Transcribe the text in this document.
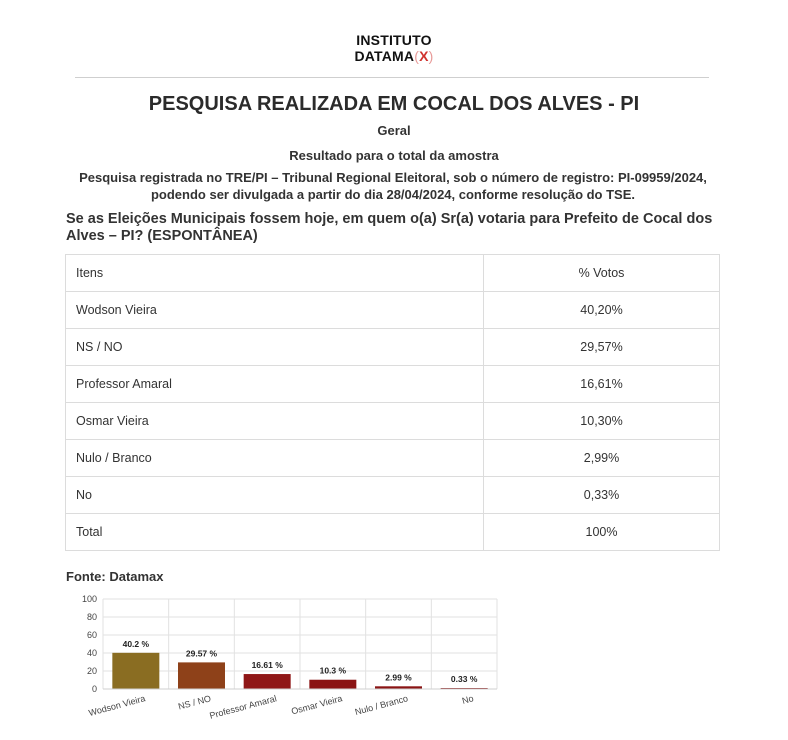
INSTITUTO
DATAMA(X)
PESQUISA REALIZADA EM COCAL DOS ALVES - PI
Geral
Resultado para o total da amostra
Pesquisa registrada no TRE/PI – Tribunal Regional Eleitoral, sob o número de registro: PI-09959/2024, podendo ser divulgada a partir do dia 28/04/2024, conforme resolução do TSE.
Se as Eleições Municipais fossem hoje, em quem o(a) Sr(a) votaria para Prefeito de Cocal dos Alves – PI? (ESPONTÂNEA)
Itens	% Votos
Wodson Vieira	40,20%
NS / NO	29,57%
Professor Amaral	16,61%
Osmar Vieira	10,30%
Nulo / Branco	2,99%
No	0,33%
Total	100%
Fonte: Datamax
0
20
40
60
80
100
40.2 %
Wodson Vieira
29.57 %
NS / NO
16.61 %
Professor Amaral
10.3 %
Osmar Vieira
2.99 %
Nulo / Branco
0.33 %
No
